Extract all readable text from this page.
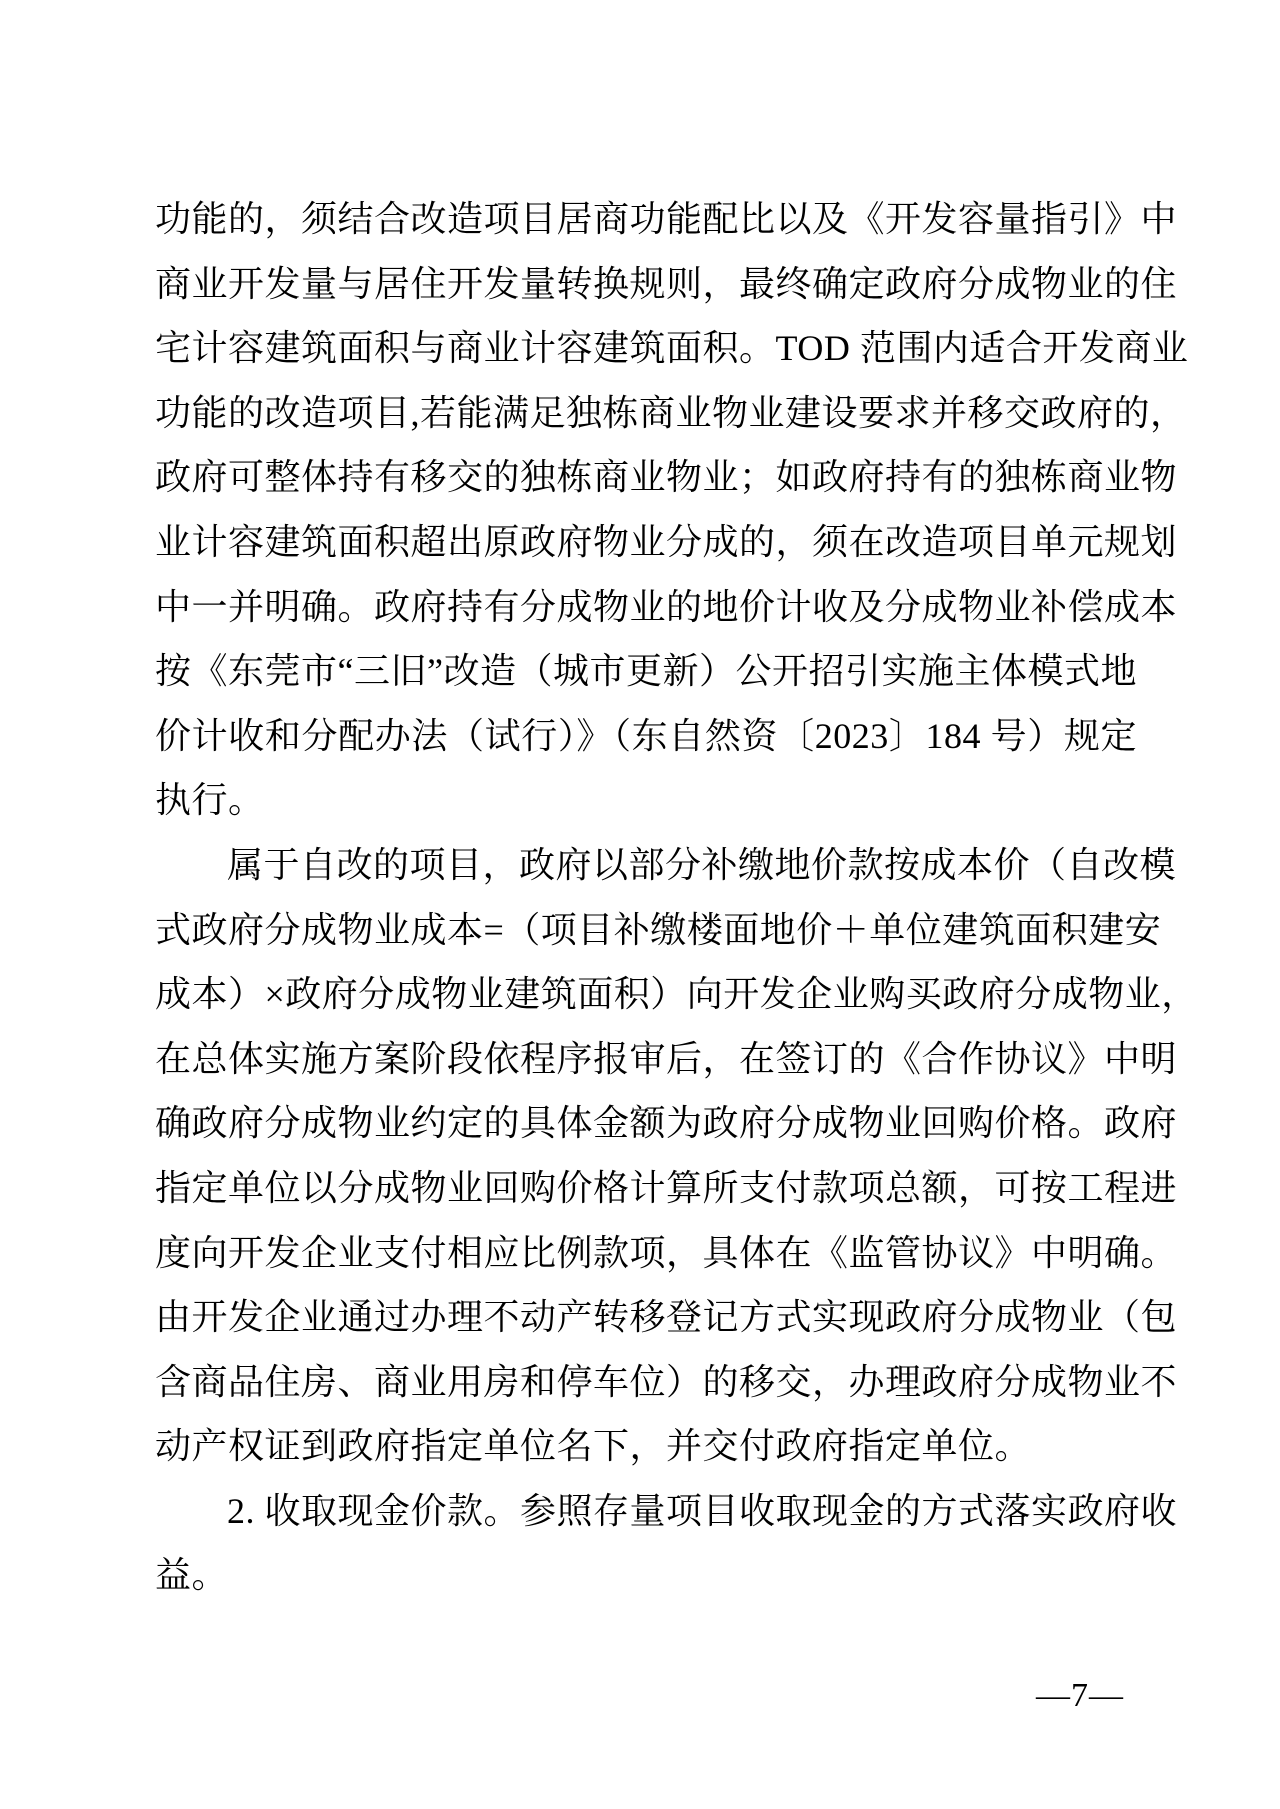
功能的，须结合改造项目居商功能配比以及《开发容量指引》中
商业开发量与居住开发量转换规则，最终确定政府分成物业的住
宅计容建筑面积与商业计容建筑面积。TOD 范围内适合开发商业
功能的改造项目,若能满足独栋商业物业建设要求并移交政府的，
政府可整体持有移交的独栋商业物业；如政府持有的独栋商业物
业计容建筑面积超出原政府物业分成的，须在改造项目单元规划
中一并明确。政府持有分成物业的地价计收及分成物业补偿成本
按《东莞市“三旧”改造（城市更新）公开招引实施主体模式地
价计收和分配办法（试行）》（东自然资〔2023〕184 号）规定
执行。
属于自改的项目，政府以部分补缴地价款按成本价（自改模
式政府分成物业成本=（项目补缴楼面地价＋单位建筑面积建安
成本）×政府分成物业建筑面积）向开发企业购买政府分成物业，
在总体实施方案阶段依程序报审后，在签订的《合作协议》中明
确政府分成物业约定的具体金额为政府分成物业回购价格。政府
指定单位以分成物业回购价格计算所支付款项总额，可按工程进
度向开发企业支付相应比例款项，具体在《监管协议》中明确。
由开发企业通过办理不动产转移登记方式实现政府分成物业（包
含商品住房、商业用房和停车位）的移交，办理政府分成物业不
动产权证到政府指定单位名下，并交付政府指定单位。
2. 收取现金价款。参照存量项目收取现金的方式落实政府收
益。
—7—
